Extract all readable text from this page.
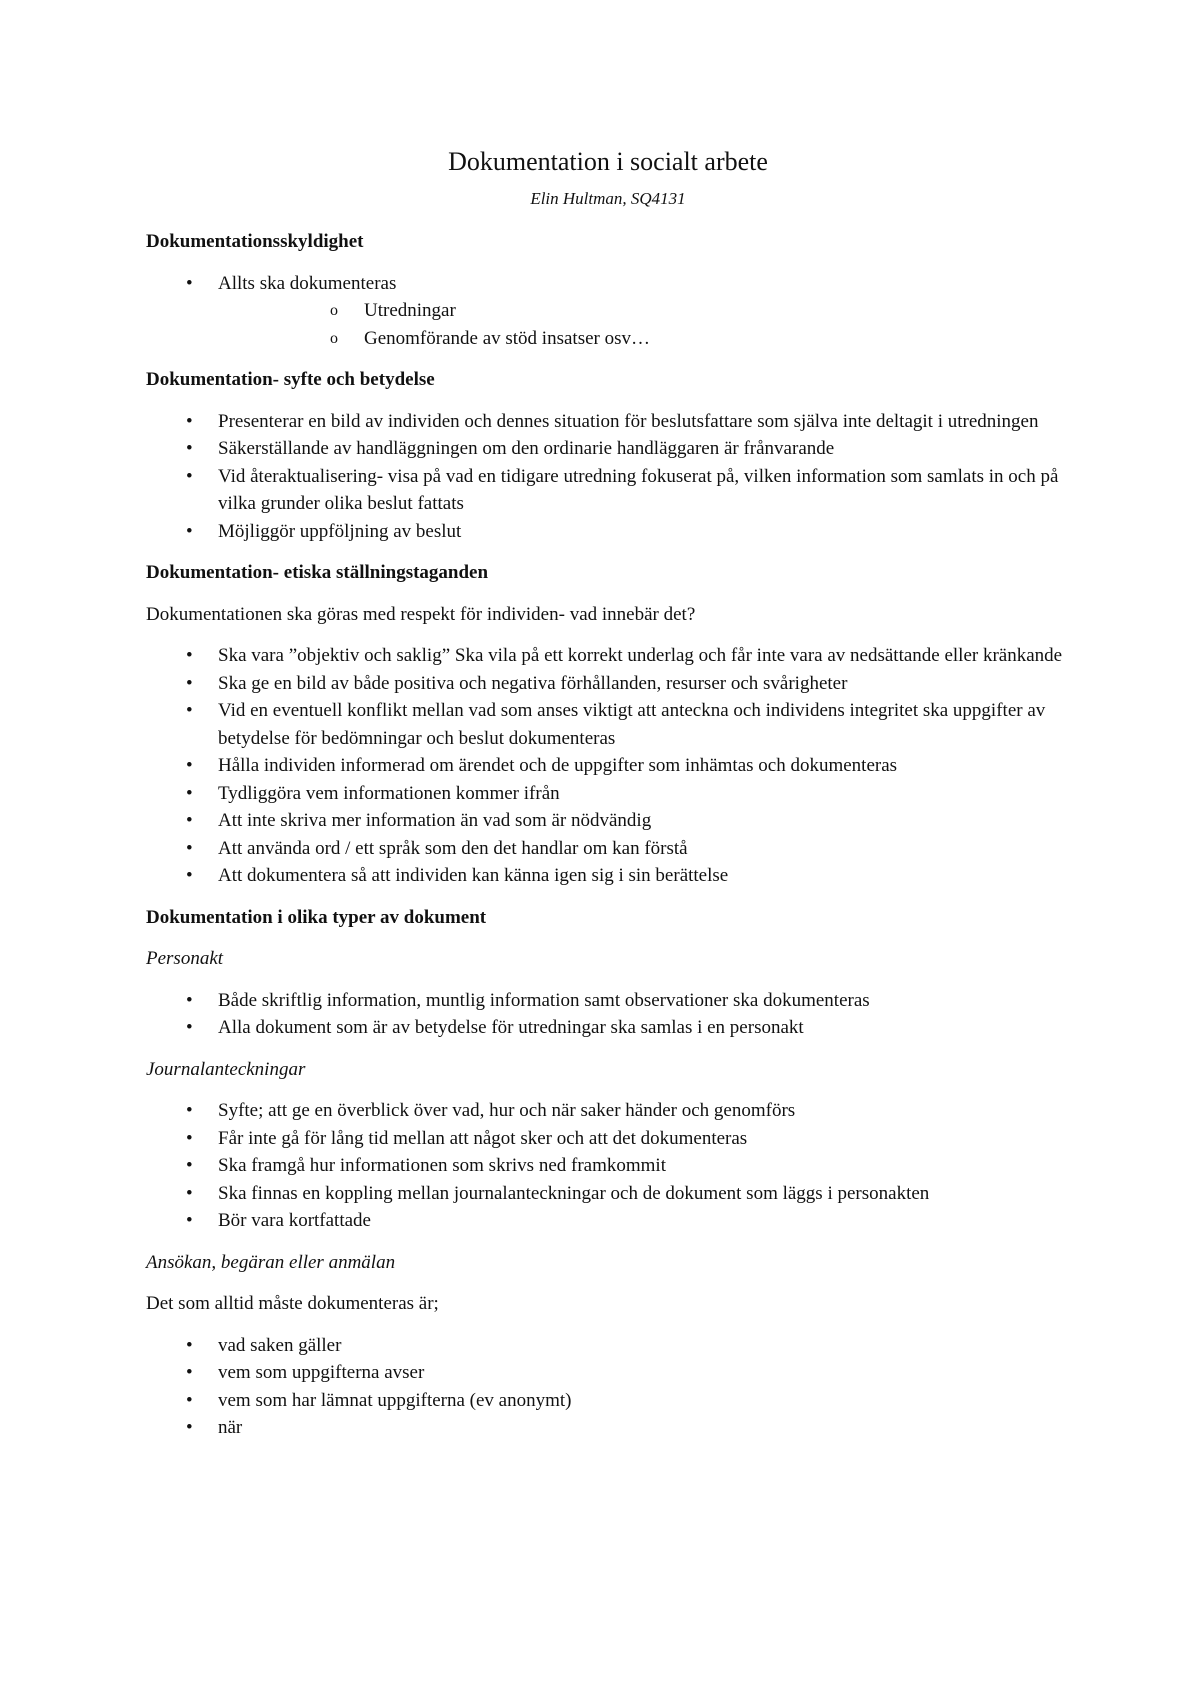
Dokumentation i socialt arbete
Elin Hultman, SQ4131
Dokumentationsskyldighet
• Allts ska dokumenteras
o Utredningar
o Genomförande av stöd insatser osv…
Dokumentation- syfte och betydelse
• Presenterar en bild av individen och dennes situation för beslutsfattare som själva inte deltagit i utredningen
• Säkerställande av handläggningen om den ordinarie handläggaren är frånvarande
• Vid återaktualisering- visa på vad en tidigare utredning fokuserat på, vilken information som samlats in och på vilka grunder olika beslut fattats
• Möjliggör uppföljning av beslut
Dokumentation- etiska ställningstaganden

Dokumentationen ska göras med respekt för individen- vad innebär det?

• Ska vara ”objektiv och saklig” Ska vila på ett korrekt underlag och får inte vara av nedsättande eller kränkande
• Ska ge en bild av både positiva och negativa förhållanden, resurser och svårigheter
• Vid en eventuell konflikt mellan vad som anses viktigt att anteckna och individens integritet ska uppgifter av betydelse för bedömningar och beslut dokumenteras
• Hålla individen informerad om ärendet och de uppgifter som inhämtas och dokumenteras
• Tydliggöra vem informationen kommer ifrån
• Att inte skriva mer information än vad som är nödvändig
• Att använda ord / ett språk som den det handlar om kan förstå
• Att dokumentera så att individen kan känna igen sig i sin berättelse
Dokumentation i olika typer av dokument
Personakt
• Både skriftlig information, muntlig information samt observationer ska dokumenteras
• Alla dokument som är av betydelse för utredningar ska samlas i en personakt
Journalanteckningar
• Syfte; att ge en överblick över vad, hur och när saker händer och genomförs
• Får inte gå för lång tid mellan att något sker och att det dokumenteras
• Ska framgå hur informationen som skrivs ned framkommit
• Ska finnas en koppling mellan journalanteckningar och de dokument som läggs i personakten
• Bör vara kortfattade
Ansökan, begäran eller anmälan

Det som alltid måste dokumenteras är;

• vad saken gäller
• vem som uppgifterna avser
• vem som har lämnat uppgifterna (ev anonymt)
• när
